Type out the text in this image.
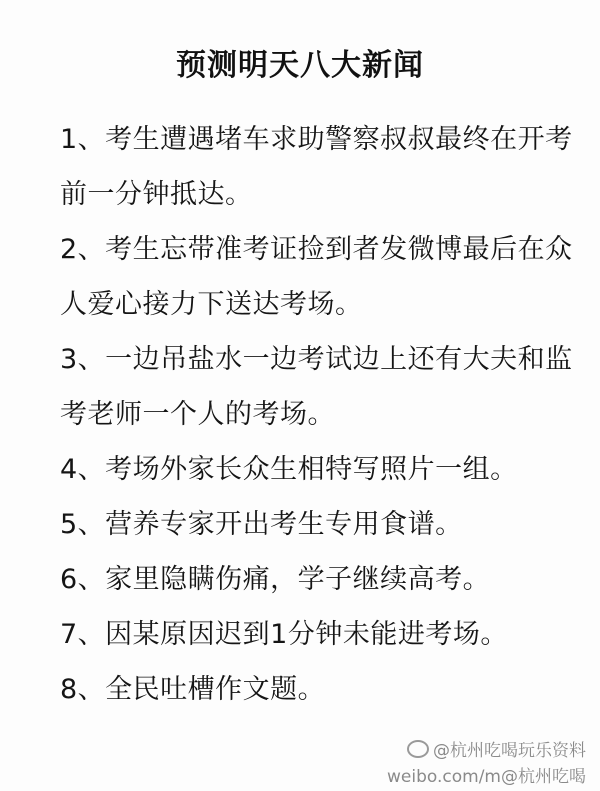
预测明天八大新闻
1、考生遭遇堵车求助警察叔叔最终在开考前一分钟抵达。
2、考生忘带准考证捡到者发微博最后在众人爱心接力下送达考场。
3、一边吊盐水一边考试边上还有大夫和监考老师一个人的考场。
4、考场外家长众生相特写照片一组。
5、营养专家开出考生专用食谱。
6、家里隐瞒伤痛，学子继续高考。
7、因某原因迟到1分钟未能进考场。
8、全民吐槽作文题。
@杭州吃喝玩乐资料
weibo.com/m@杭州吃喝
